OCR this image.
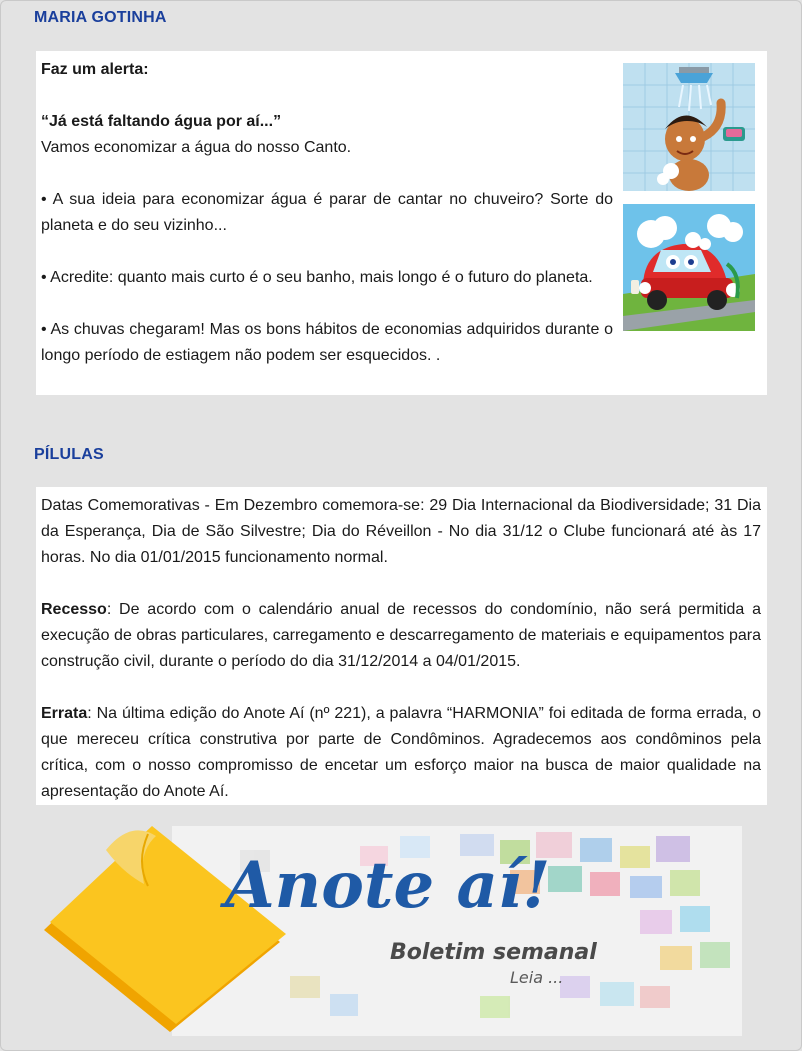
MARIA GOTINHA

Faz um alerta:

“Já está faltando água por aí...”

Vamos economizar a água do nosso Canto.

• A sua ideia para economizar água é parar de cantar no chuveiro? Sorte do planeta e do seu vizinho...

• Acredite: quanto mais curto é o seu banho, mais longo é o futuro do planeta.

• As chuvas chegaram! Mas os bons hábitos de economias adquiridos durante o longo período de estiagem não podem ser esquecidos. .

PÍLULAS

Datas Comemorativas - Em Dezembro comemora-se: 29 Dia Internacional da Biodiversidade; 31 Dia da Esperança, Dia de São Silvestre; Dia do Réveillon - No dia 31/12 o Clube funcionará até às 17 horas. No dia 01/01/2015 funcionamento normal.

Recesso: De acordo com o calendário anual de recessos do condomínio, não será permitida a execução de obras particulares, carregamento e descarregamento de materiais e equipamentos para construção civil, durante o período do dia 31/12/2014 a 04/01/2015.

Errata: Na última edição do Anote Aí (nº 221), a palavra “HARMONIA” foi editada de forma errada, o que mereceu crítica construtiva por parte de Condôminos. Agradecemos aos condôminos pela crítica, com o nosso compromisso de encetar um esforço maior na busca de maior qualidade na apresentação do Anote Aí.

Anote aí!
Boletim semanal
Leia ...
